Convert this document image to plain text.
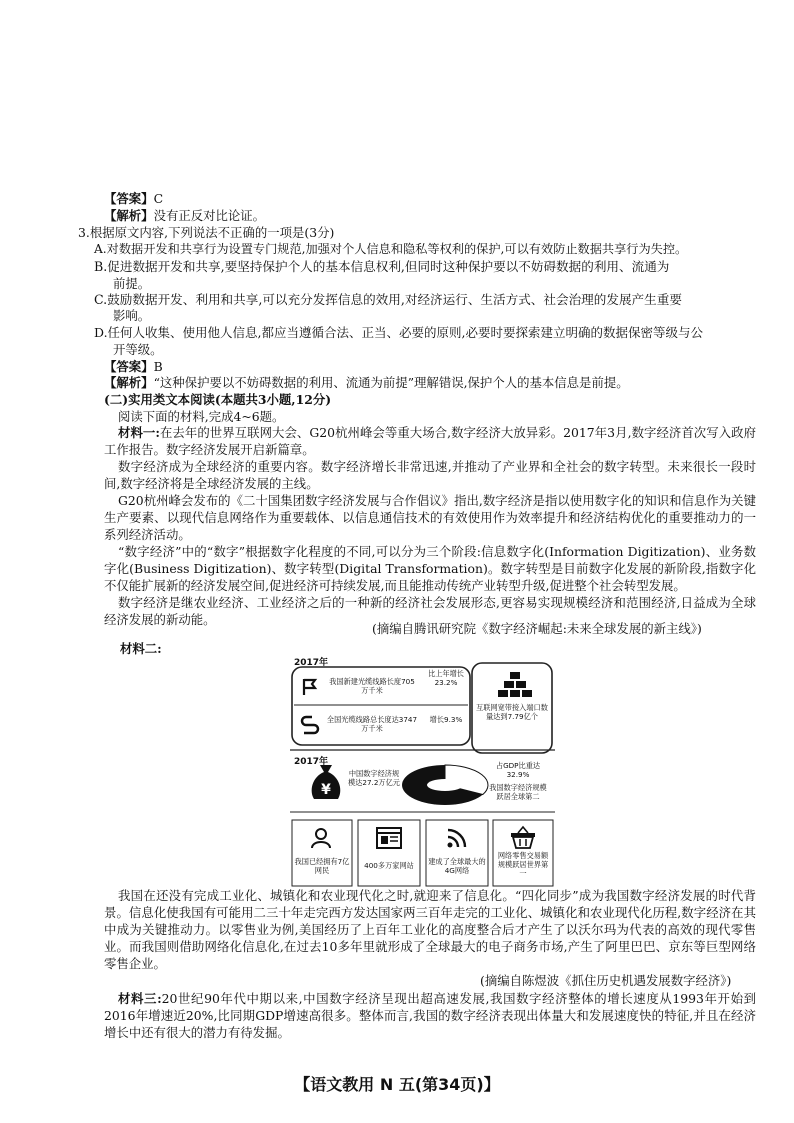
【答案】C
【解析】没有正反对比论证。
3.根据原文内容,下列说法不正确的一项是(3分)
A.对数据开发和共享行为设置专门规范,加强对个人信息和隐私等权利的保护,可以有效防止数据共享行为失控。
B.促进数据开发和共享,要坚持保护个人的基本信息权利,但同时这种保护要以不妨碍数据的利用、流通为
前提。
C.鼓励数据开发、利用和共享,可以充分发挥信息的效用,对经济运行、生活方式、社会治理的发展产生重要
影响。
D.任何人收集、使用他人信息,都应当遵循合法、正当、必要的原则,必要时要探索建立明确的数据保密等级与公
开等级。
【答案】B
【解析】“这种保护要以不妨碍数据的利用、流通为前提”理解错误,保护个人的基本信息是前提。
(二)实用类文本阅读(本题共3小题,12分)
阅读下面的材料,完成4~6题。
材料一:在去年的世界互联网大会、G20杭州峰会等重大场合,数字经济大放异彩。2017年3月,数字经济首次写入政府工作报告。数字经济发展开启新篇章。
数字经济成为全球经济的重要内容。数字经济增长非常迅速,并推动了产业界和全社会的数字转型。未来很长一段时间,数字经济将是全球经济发展的主线。
G20杭州峰会发布的《二十国集团数字经济发展与合作倡议》指出,数字经济是指以使用数字化的知识和信息作为关键生产要素、以现代信息网络作为重要载体、以信息通信技术的有效使用作为效率提升和经济结构优化的重要推动力的一系列经济活动。
“数字经济”中的“数字”根据数字化程度的不同,可以分为三个阶段:信息数字化(Information Digitization)、业务数字化(Business Digitization)、数字转型(Digital Transformation)。数字转型是目前数字化发展的新阶段,指数字化不仅能扩展新的经济发展空间,促进经济可持续发展,而且能推动传统产业转型升级,促进整个社会转型发展。
数字经济是继农业经济、工业经济之后的一种新的经济社会发展形态,更容易实现规模经济和范围经济,日益成为全球经济发展的新动能。
(摘编自腾讯研究院《数字经济崛起:未来全球发展的新主线》)
材料二:
¥
2017年
我国新建光缆线路长度705万千米
比上年增长23.2%
互联网宽带接入端口数量达到7.79亿个
全国光缆线路总长度达3747万千米
增长9.3%
2017年
中国数字经济规模达27.2万亿元
占GDP比重达32.9%
我国数字经济规模跃居全球第二
我国已经拥有7亿网民
400多万家网站	建成了全球最大的4G网络
网络零售交易额规模跃居世界第一
我国在还没有完成工业化、城镇化和农业现代化之时,就迎来了信息化。“四化同步”成为我国数字经济发展的时代背景。信息化使我国有可能用二三十年走完西方发达国家两三百年走完的工业化、城镇化和农业现代化历程,数字经济在其中成为关键推动力。以零售业为例,美国经历了上百年工业化的高度整合后才产生了以沃尔玛为代表的高效的现代零售业。而我国则借助网络化信息化,在过去10多年里就形成了全球最大的电子商务市场,产生了阿里巴巴、京东等巨型网络零售企业。
(摘编自陈煜波《抓住历史机遇发展数字经济》)
材料三:20世纪90年代中期以来,中国数字经济呈现出超高速发展,我国数字经济整体的增长速度从1993年开始到2016年增速近20%,比同期GDP增速高很多。整体而言,我国的数字经济表现出体量大和发展速度快的特征,并且在经济增长中还有很大的潜力有待发掘。
【语文教用 N 五(第34页)】
